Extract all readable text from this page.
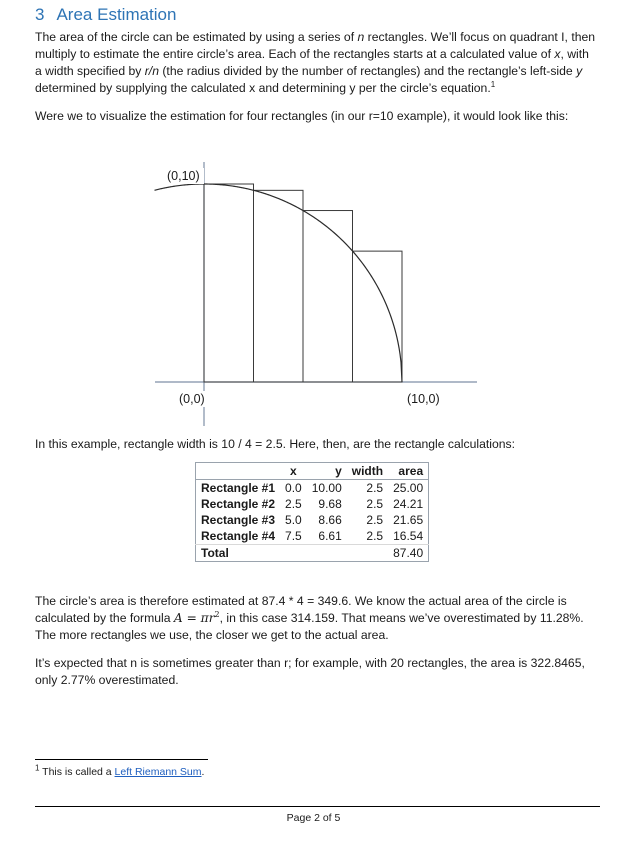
3 Area Estimation
The area of the circle can be estimated by using a series of n rectangles. We’ll focus on quadrant I, then multiply to estimate the entire circle’s area. Each of the rectangles starts at a calculated value of x, with a width specified by r/n (the radius divided by the number of rectangles) and the rectangle’s left-side y determined by supplying the calculated x and determining y per the circle’s equation.$^1$
Were we to visualize the estimation for four rectangles (in our r=10 example), it would look like this:
(0,10)
(0,0)	(10,0)
In this example, rectangle width is 10 / 4 = 2.5. Here, then, are the rectangle calculations:
	x	y	width	area
Rectangle #1	0.0	10.00	2.5	25.00
Rectangle #2	2.5	9.68	2.5	24.21
Rectangle #3	5.0	8.66	2.5	21.65
Rectangle #4	7.5	6.61	2.5	16.54
Total				87.40
The circle’s area is therefore estimated at 87.4 * 4 = 349.6. We know the actual area of the circle is calculated by the formula $A = \pi r^2$, in this case 314.159. That means we’ve overestimated by 11.28%. The more rectangles we use, the closer we get to the actual area.
It’s expected that n is sometimes greater than r; for example, with 20 rectangles, the area is 322.8465, only 2.77% overestimated.
$^1$ This is called a Left Riemann Sum.
Page 2 of 5
